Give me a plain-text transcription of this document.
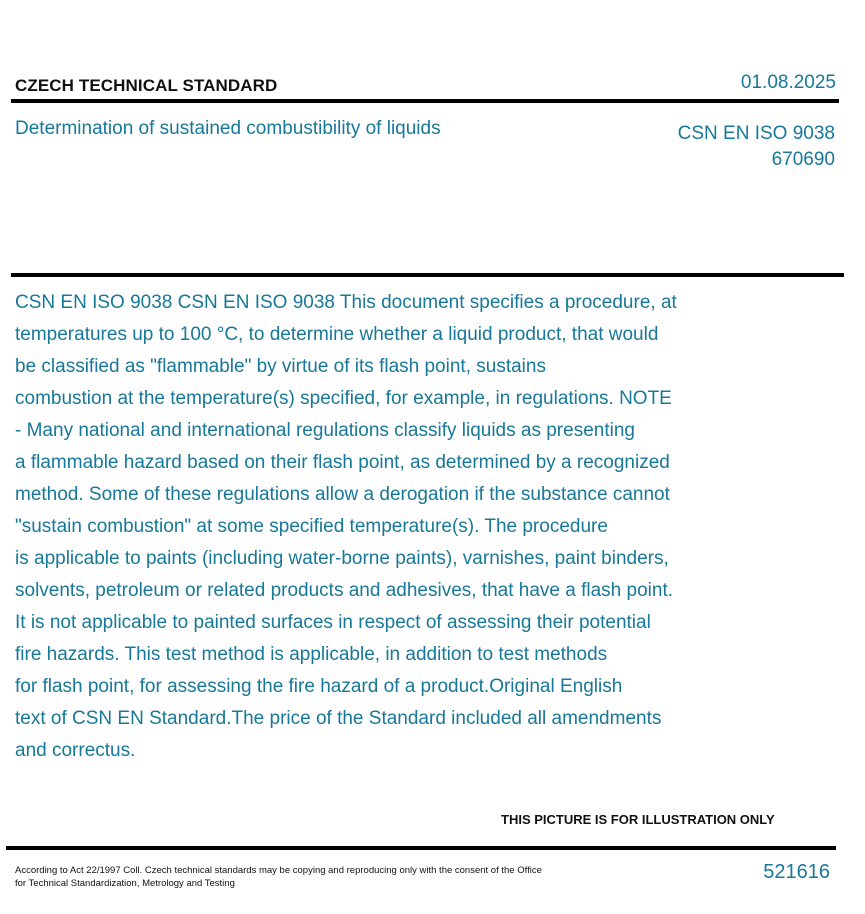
CZECH TECHNICAL STANDARD	01.08.2025
Determination of sustained combustibility of liquids	CSN EN ISO 9038
670690
CSN EN ISO 9038 CSN EN ISO 9038 This document specifies a procedure, at
temperatures up to 100 °C, to determine whether a liquid product, that would
be classified as "flammable" by virtue of its flash point, sustains
combustion at the temperature(s) specified, for example, in regulations. NOTE
- Many national and international regulations classify liquids as presenting
a flammable hazard based on their flash point, as determined by a recognized
method. Some of these regulations allow a derogation if the substance cannot
"sustain combustion" at some specified temperature(s). The procedure
is applicable to paints (including water-borne paints), varnishes, paint binders,
solvents, petroleum or related products and adhesives, that have a flash point.
It is not applicable to painted surfaces in respect of assessing their potential
fire hazards. This test method is applicable, in addition to test methods
for flash point, for assessing the fire hazard of a product.Original English
text of CSN EN Standard.The price of the Standard included all amendments
and correctus.
THIS PICTURE IS FOR ILLUSTRATION ONLY
According to Act 22/1997 Coll. Czech technical standards may be copying and reproducing only with the consent of the Office
for Technical Standardization, Metrology and Testing
521616
